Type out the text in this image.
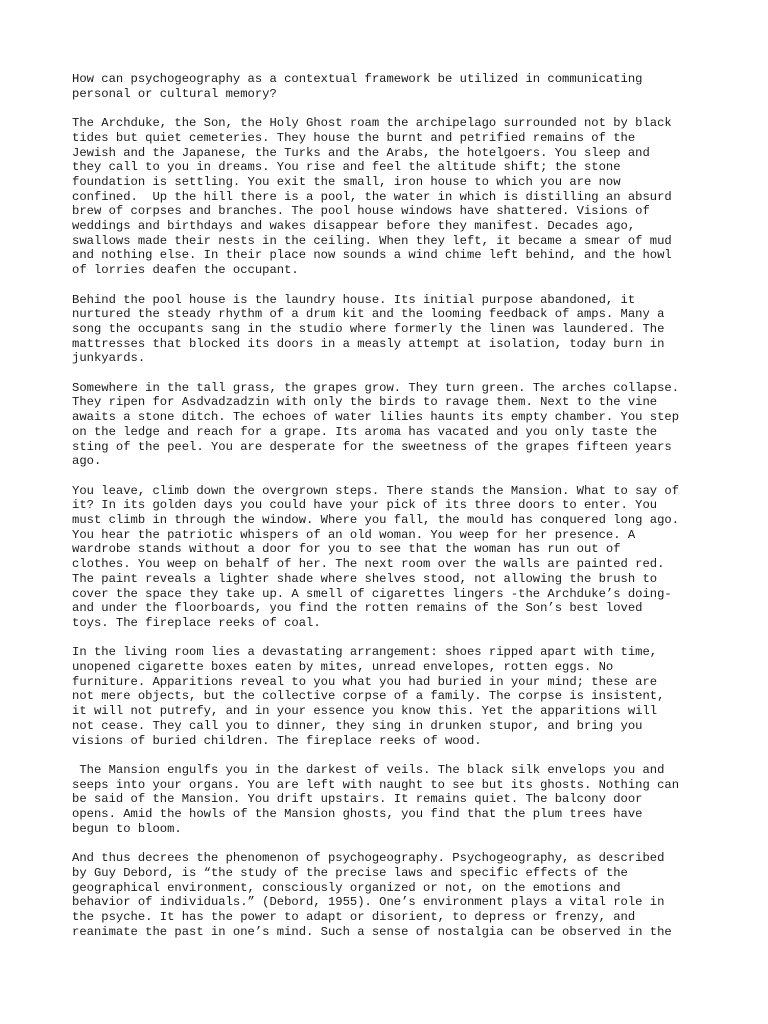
How can psychogeography as a contextual framework be utilized in communicating
personal or cultural memory?

The Archduke, the Son, the Holy Ghost roam the archipelago surrounded not by black
tides but quiet cemeteries. They house the burnt and petrified remains of the
Jewish and the Japanese, the Turks and the Arabs, the hotelgoers. You sleep and
they call to you in dreams. You rise and feel the altitude shift; the stone
foundation is settling. You exit the small, iron house to which you are now
confined.  Up the hill there is a pool, the water in which is distilling an absurd
brew of corpses and branches. The pool house windows have shattered. Visions of
weddings and birthdays and wakes disappear before they manifest. Decades ago,
swallows made their nests in the ceiling. When they left, it became a smear of mud
and nothing else. In their place now sounds a wind chime left behind, and the howl
of lorries deafen the occupant.

Behind the pool house is the laundry house. Its initial purpose abandoned, it
nurtured the steady rhythm of a drum kit and the looming feedback of amps. Many a
song the occupants sang in the studio where formerly the linen was laundered. The
mattresses that blocked its doors in a measly attempt at isolation, today burn in
junkyards.

Somewhere in the tall grass, the grapes grow. They turn green. The arches collapse.
They ripen for Asdvadzadzin with only the birds to ravage them. Next to the vine
awaits a stone ditch. The echoes of water lilies haunts its empty chamber. You step
on the ledge and reach for a grape. Its aroma has vacated and you only taste the
sting of the peel. You are desperate for the sweetness of the grapes fifteen years
ago.

You leave, climb down the overgrown steps. There stands the Mansion. What to say of
it? In its golden days you could have your pick of its three doors to enter. You
must climb in through the window. Where you fall, the mould has conquered long ago.
You hear the patriotic whispers of an old woman. You weep for her presence. A
wardrobe stands without a door for you to see that the woman has run out of
clothes. You weep on behalf of her. The next room over the walls are painted red.
The paint reveals a lighter shade where shelves stood, not allowing the brush to
cover the space they take up. A smell of cigarettes lingers -the Archduke’s doing-
and under the floorboards, you find the rotten remains of the Son’s best loved
toys. The fireplace reeks of coal.

In the living room lies a devastating arrangement: shoes ripped apart with time,
unopened cigarette boxes eaten by mites, unread envelopes, rotten eggs. No
furniture. Apparitions reveal to you what you had buried in your mind; these are
not mere objects, but the collective corpse of a family. The corpse is insistent,
it will not putrefy, and in your essence you know this. Yet the apparitions will
not cease. They call you to dinner, they sing in drunken stupor, and bring you
visions of buried children. The fireplace reeks of wood.

The Mansion engulfs you in the darkest of veils. The black silk envelops you and
seeps into your organs. You are left with naught to see but its ghosts. Nothing can
be said of the Mansion. You drift upstairs. It remains quiet. The balcony door
opens. Amid the howls of the Mansion ghosts, you find that the plum trees have
begun to bloom.

And thus decrees the phenomenon of psychogeography. Psychogeography, as described
by Guy Debord, is “the study of the precise laws and specific effects of the
geographical environment, consciously organized or not, on the emotions and
behavior of individuals.” (Debord, 1955). One’s environment plays a vital role in
the psyche. It has the power to adapt or disorient, to depress or frenzy, and
reanimate the past in one’s mind. Such a sense of nostalgia can be observed in the
